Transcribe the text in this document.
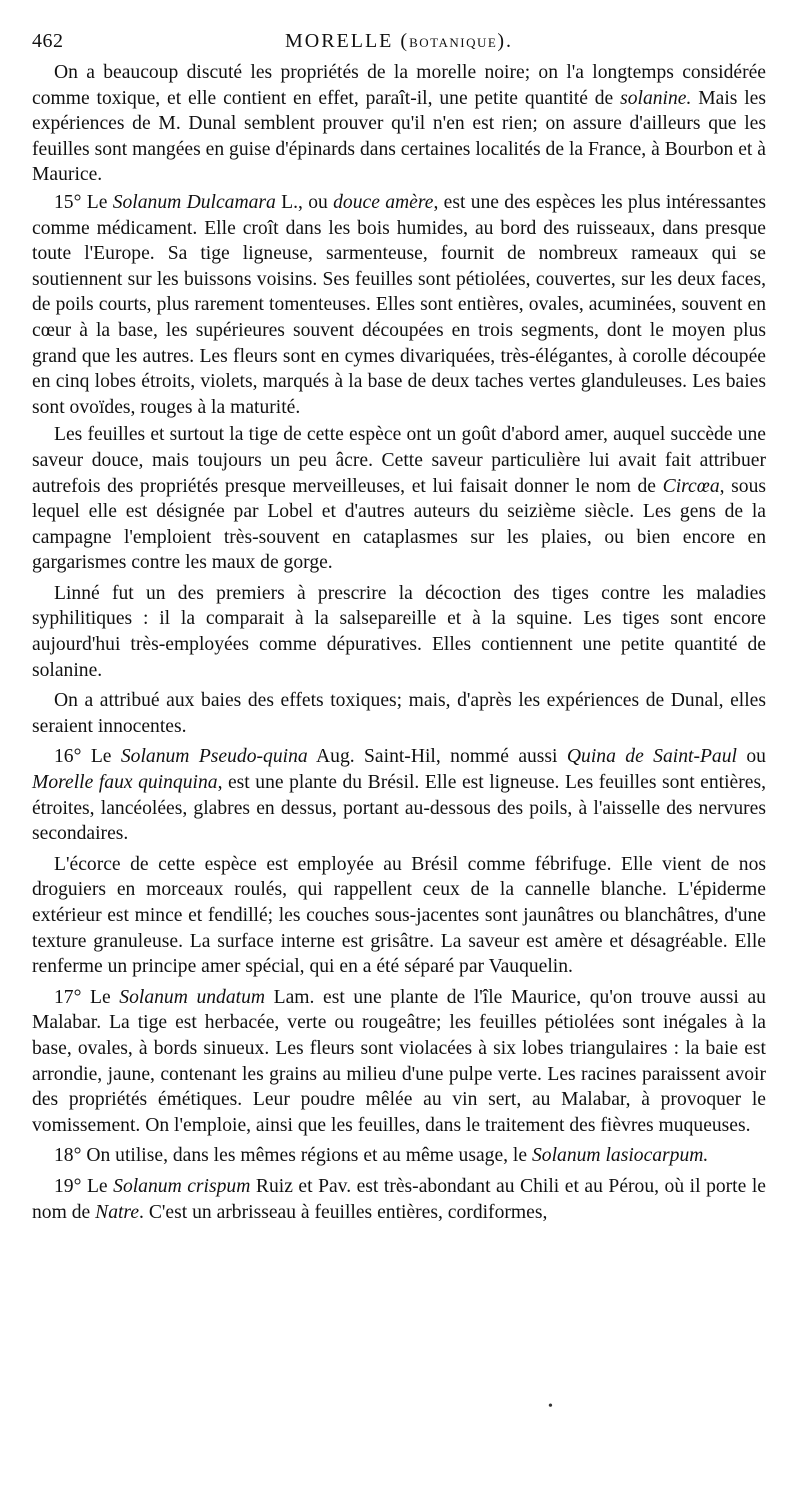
462	MORELLE (BOTANIQUE).

On a beaucoup discuté les propriétés de la morelle noire; on l'a longtemps considérée comme toxique, et elle contient en effet, paraît-il, une petite quantité de solanine. Mais les expériences de M. Dunal semblent prouver qu'il n'en est rien; on assure d'ailleurs que les feuilles sont mangées en guise d'épinards dans certaines localités de la France, à Bourbon et à Maurice.

15° Le Solanum Dulcamara L., ou douce amère, est une des espèces les plus intéressantes comme médicament. Elle croît dans les bois humides, au bord des ruisseaux, dans presque toute l'Europe. Sa tige ligneuse, sarmenteuse, fournit de nombreux rameaux qui se soutiennent sur les buissons voisins. Ses feuilles sont pétiolées, couvertes, sur les deux faces, de poils courts, plus rarement tomenteuses. Elles sont entières, ovales, acuminées, souvent en cœur à la base, les supérieures souvent découpées en trois segments, dont le moyen plus grand que les autres. Les fleurs sont en cymes divariquées, très-élégantes, à corolle découpée en cinq lobes étroits, violets, marqués à la base de deux taches vertes glanduleuses. Les baies sont ovoïdes, rouges à la maturité.

Les feuilles et surtout la tige de cette espèce ont un goût d'abord amer, auquel succède une saveur douce, mais toujours un peu âcre. Cette saveur particulière lui avait fait attribuer autrefois des propriétés presque merveilleuses, et lui faisait donner le nom de Circœa, sous lequel elle est désignée par Lobel et d'autres auteurs du seizième siècle. Les gens de la campagne l'emploient très-souvent en cataplasmes sur les plaies, ou bien encore en gargarismes contre les maux de gorge.

Linné fut un des premiers à prescrire la décoction des tiges contre les maladies syphilitiques : il la comparait à la salsepareille et à la squine. Les tiges sont encore aujourd'hui très-employées comme dépuratives. Elles contiennent une petite quantité de solanine.

On a attribué aux baies des effets toxiques; mais, d'après les expériences de Dunal, elles seraient innocentes.

16° Le Solanum Pseudo-quina Aug. Saint-Hil, nommé aussi Quina de Saint-Paul ou Morelle faux quinquina, est une plante du Brésil. Elle est ligneuse. Les feuilles sont entières, étroites, lancéolées, glabres en dessus, portant au-dessous des poils, à l'aisselle des nervures secondaires.

L'écorce de cette espèce est employée au Brésil comme fébrifuge. Elle vient de nos droguiers en morceaux roulés, qui rappellent ceux de la cannelle blanche. L'épiderme extérieur est mince et fendillé; les couches sous-jacentes sont jaunâtres ou blanchâtres, d'une texture granuleuse. La surface interne est grisâtre. La saveur est amère et désagréable. Elle renferme un principe amer spécial, qui en a été séparé par Vauquelin.

17° Le Solanum undatum Lam. est une plante de l'île Maurice, qu'on trouve aussi au Malabar. La tige est herbacée, verte ou rougeâtre; les feuilles pétiolées sont inégales à la base, ovales, à bords sinueux. Les fleurs sont violacées à six lobes triangulaires : la baie est arrondie, jaune, contenant les grains au milieu d'une pulpe verte. Les racines paraissent avoir des propriétés émétiques. Leur poudre mêlée au vin sert, au Malabar, à provoquer le vomissement. On l'emploie, ainsi que les feuilles, dans le traitement des fièvres muqueuses.

18° On utilise, dans les mêmes régions et au même usage, le Solanum lasiocarpum.

19° Le Solanum crispum Ruiz et Pav. est très-abondant au Chili et au Pérou, où il porte le nom de Natre. C'est un arbrisseau à feuilles entières, cordiformes,

•
